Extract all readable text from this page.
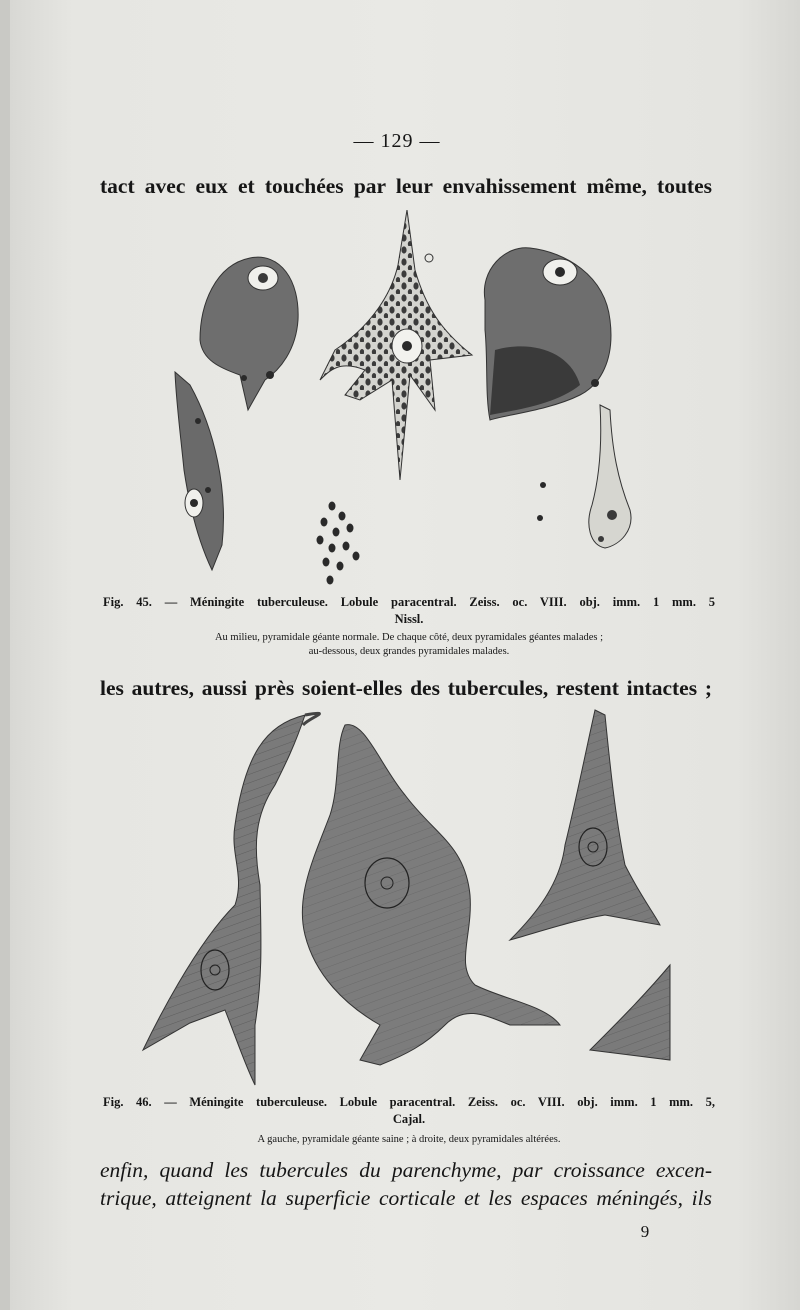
— 129 —
tact avec eux et touchées par leur envahissement même, toutes
Fig. 45. — Méningite tuberculeuse. Lobule paracentral. Zeiss. oc. VIII. obj. imm. 1 mm. 5
Nissl.
Au milieu, pyramidale géante normale. De chaque côté, deux pyramidales géantes malades ;
au-dessous, deux grandes pyramidales malades.
les autres, aussi près soient-elles des tubercules, restent intactes ;
Fig. 46. — Méningite tuberculeuse. Lobule paracentral. Zeiss. oc. VIII. obj. imm. 1 mm. 5,
Cajal.
A gauche, pyramidale géante saine ; à droite, deux pyramidales altérées.
enfin, quand les tubercules du parenchyme, par croissance excen-
trique, atteignent la superficie corticale et les espaces méningés, ils
9
